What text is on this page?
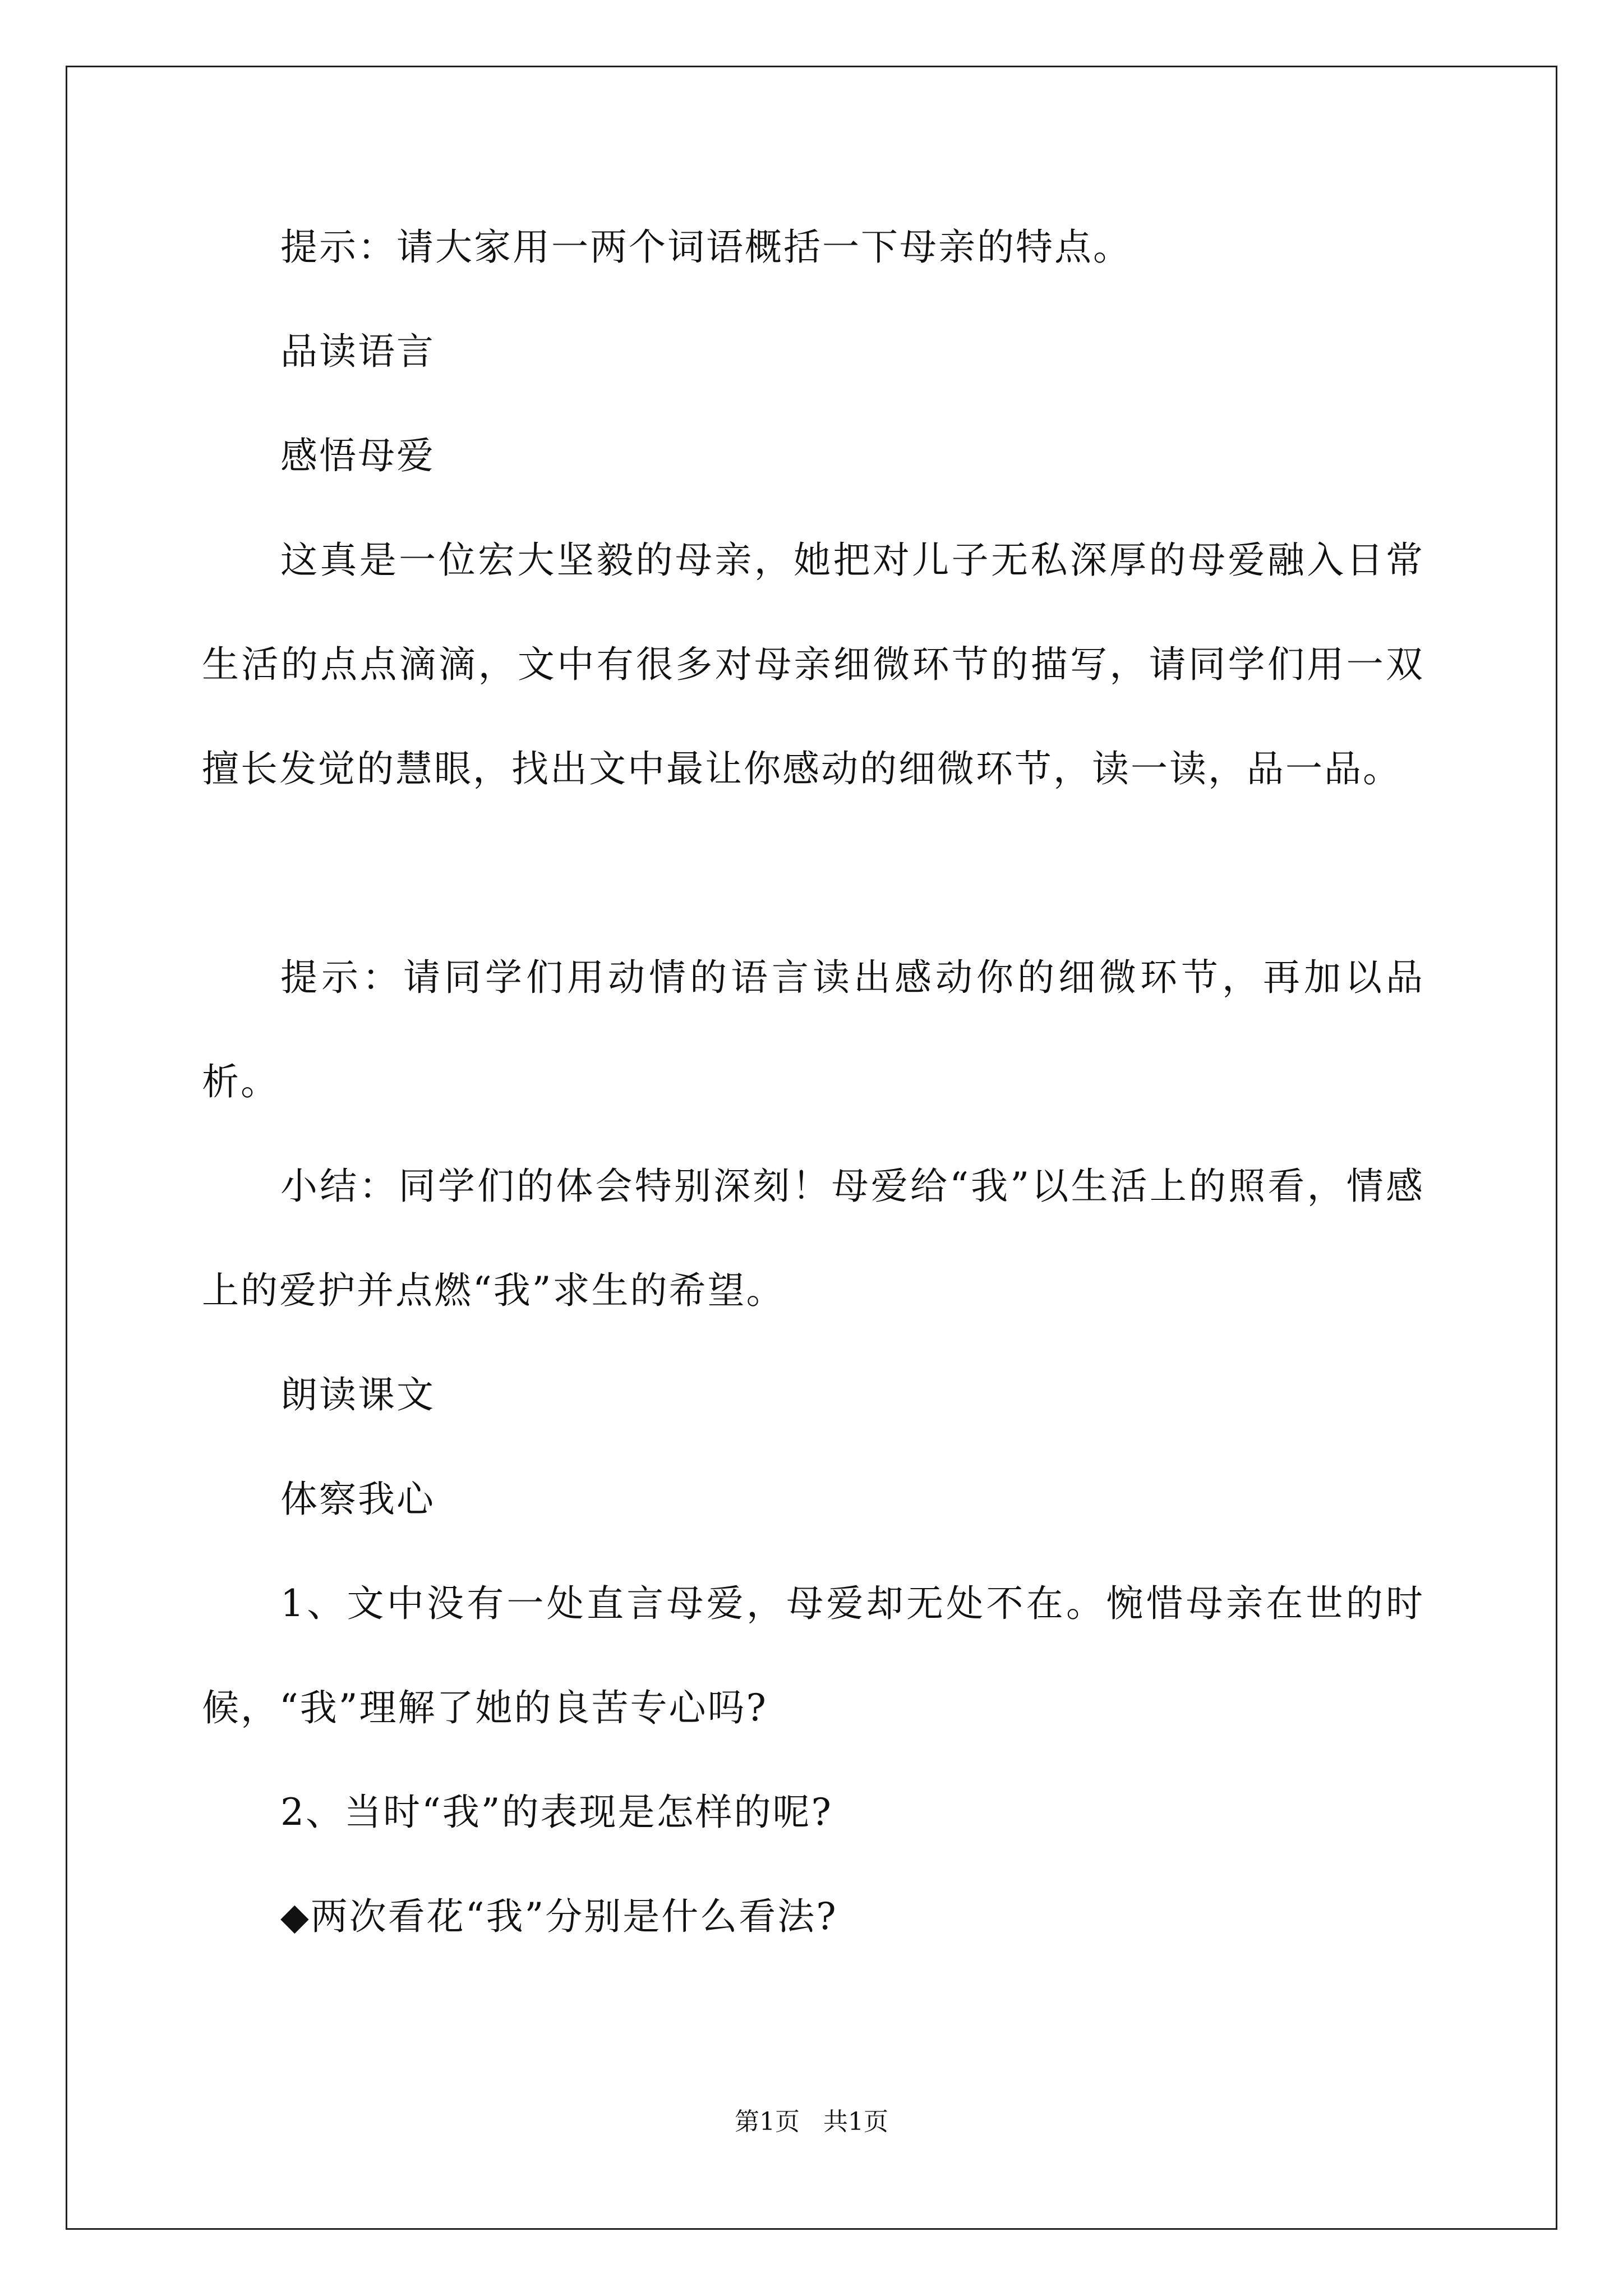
提示：请大家用一两个词语概括一下母亲的特点。

品读语言

感悟母爱

这真是一位宏大坚毅的母亲，她把对儿子无私深厚的母爱融入日常生活的点点滴滴，文中有很多对母亲细微环节的描写，请同学们用一双擅长发觉的慧眼，找出文中最让你感动的细微环节，读一读，品一品。

提示：请同学们用动情的语言读出感动你的细微环节，再加以品析。

小结：同学们的体会特别深刻！母爱给“我”以生活上的照看，情感上的爱护并点燃“我”求生的希望。

朗读课文

体察我心

1、文中没有一处直言母爱，母爱却无处不在。惋惜母亲在世的时候，“我”理解了她的良苦专心吗?

2、当时“我”的表现是怎样的呢?

◆两次看花“我”分别是什么看法?

第1页   共1页
